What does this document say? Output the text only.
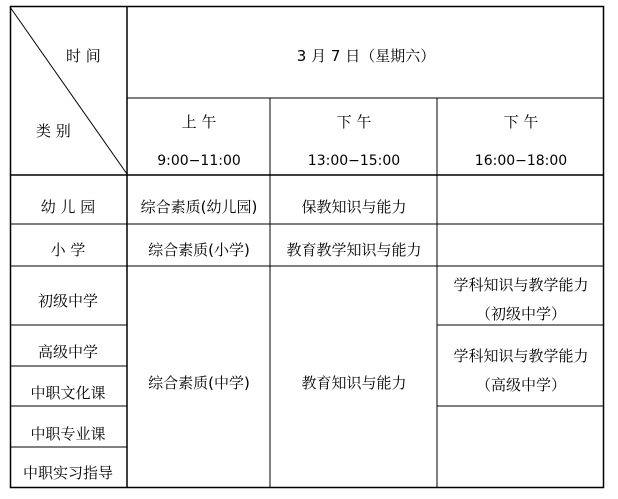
时 间
类 别
3 月 7 日（星期六）
上 午
9:00−11:00
下 午
13:00−15:00
下 午
16:00−18:00
幼 儿 园
小 学
初级中学
高级中学
中职文化课
中职专业课
中职实习指导
综合素质(幼儿园)	保教知识与能力
综合素质(小学) 教育教学知识与能力
综合素质(中学)	教育知识与能力
学科知识与教学能力
（初级中学）
学科知识与教学能力
（高级中学）
